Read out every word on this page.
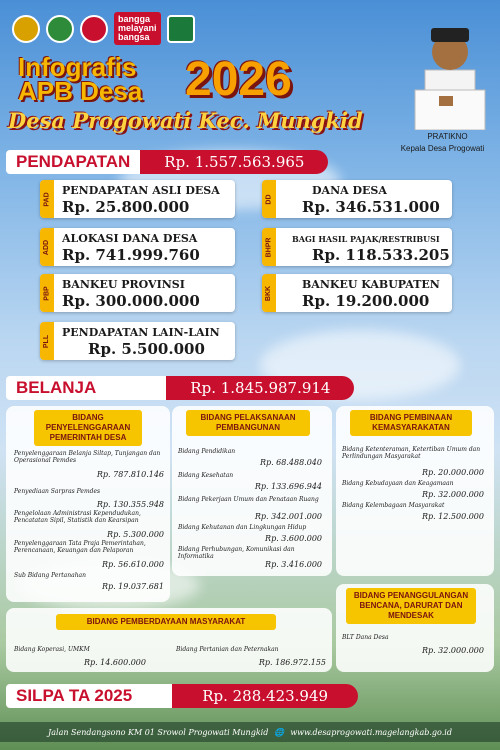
bangga
melayani
bangsa
Infografis
APB Desa 2026
Desa Progowati Kec. Mungkid
PRATIKNO
Kepala Desa Progowati
PENDAPATAN	Rp. 1.557.563.965
PAD
PENDAPATAN ASLI DESA
Rp. 25.800.000	DD
DANA DESA
Rp. 346.531.000
ADD
ALOKASI DANA DESA
Rp. 741.999.760	BHPR BAGI HASIL PAJAK/RESTRIBUSI
Rp. 118.533.205
PBP
BANKEU PROVINSI
Rp. 300.000.000	BKK
BANKEU KABUPATEN
Rp. 19.200.000
PLL
PENDAPATAN LAIN-LAIN
Rp. 5.500.000
BELANJA	Rp. 1.845.987.914
BIDANG PENYELENGGARAAN PEMERINTAH DESA
Penyelenggaraan Belanja Siltap, Tunjangan dan Operasional Pemdes
Rp. 787.810.146
Penyediaan Sarpras Pemdes
Rp. 130.355.948
Pengelolaan Administrasi Kependudukan, Pencatatan Sipil, Statistik dan Kearsipan
Rp. 5.300.000
Penyelenggaraan Tata Praja Pemerintahan, Perencanaan, Keuangan dan Pelaporan
Rp. 56.610.000
Sub Bidang Pertanahan
Rp. 19.037.681
BIDANG PELAKSANAAN PEMBANGUNAN
Bidang Pendidikan
Rp. 68.488.040
Bidang Kesehatan
Rp. 133.696.944
Bidang Pekerjaan Umum dan Penataan Ruang
Rp. 342.001.000
Bidang Kehutanan dan Lingkungan Hidup
Rp. 3.600.000
Bidang Perhubungan, Komunikasi dan Informatika
Rp. 3.416.000
BIDANG PEMBINAAN KEMASYARAKATAN
Bidang Ketenteraman, Ketertiban Umum dan Perlindungan Masyarakat
Rp. 20.000.000
Bidang Kebudayaan dan Keagamaan
Rp. 32.000.000
Bidang Kelembagaan Masyarakat
Rp. 12.500.000
BIDANG PEMBERDAYAAN MASYARAKAT
Bidang Koperasi, UMKM
Rp. 14.600.000
Bidang Pertanian dan Peternakan
Rp. 186.972.155
BIDANG PENANGGULANGAN BENCANA, DARURAT DAN MENDESAK
BLT Dana Desa
Rp. 32.000.000
SILPA TA 2025	Rp. 288.423.949
Jalan Sendangsono KM 01 Srowol Progowati Mungkid 🌐 www.desaprogowati.magelangkab.go.id
